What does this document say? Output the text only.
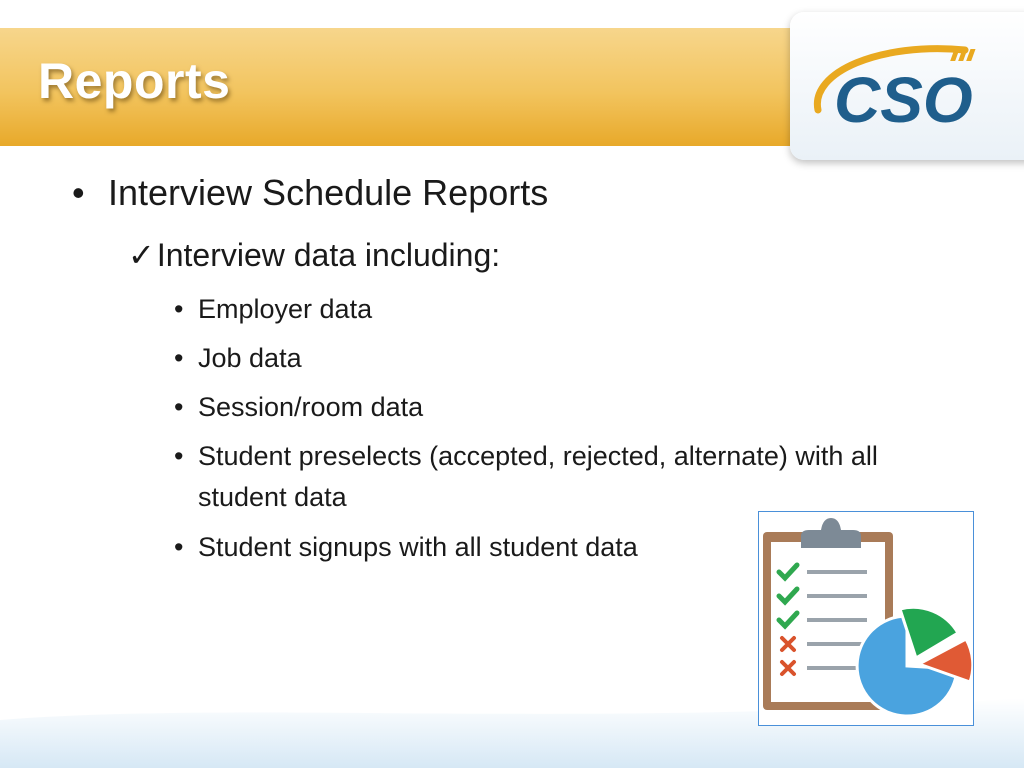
Reports	CSO
• Interview Schedule Reports
✓ Interview data including:
• Employer data
• Job data
• Session/room data
• Student preselects (accepted, rejected, alternate) with all student data
• Student signups with all student data
